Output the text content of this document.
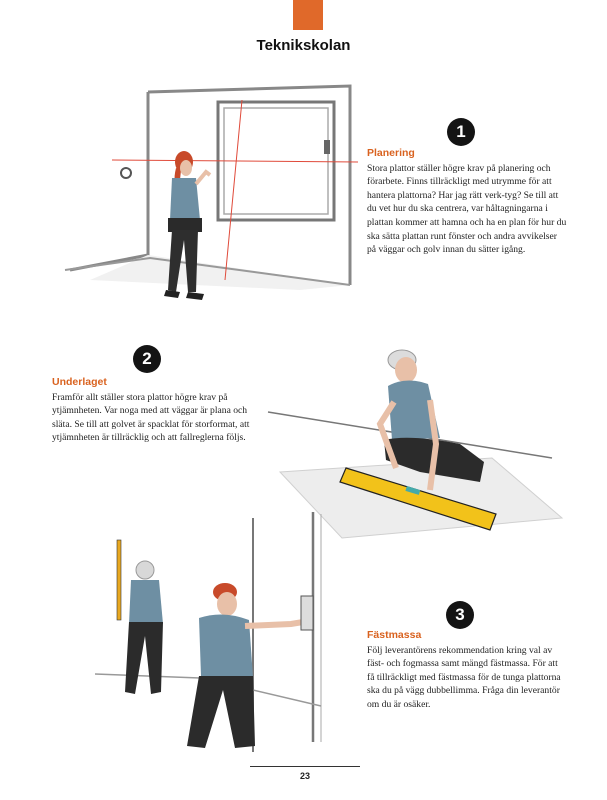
Teknikskolan
1
Planering

Stora plattor ställer högre krav på planering och förarbete. Finns tillräckligt med utrymme för att hantera plattorna? Har jag rätt verk-tyg? Se till att du vet hur du ska centrera, var håltagningarna i plattan kommer att hamna och ha en plan för hur du ska sätta plattan runt fönster och andra avvikelser på väggar och golv innan du sätter igång.

2
Underlaget

Framför allt ställer stora plattor högre krav på ytjämnheten. Var noga med att väggar är plana och släta. Se till att golvet är spacklat för storformat, att ytjämnheten är tillräcklig och att fallreglerna följs.

3
Fästmassa

Följ leverantörens rekommendation kring val av fäst- och fogmassa samt mängd fästmassa. För att få tillräckligt med fästmassa för de tunga plattorna ska du på vägg dubbellimma. Fråga din leverantör om du är osäker.

23
